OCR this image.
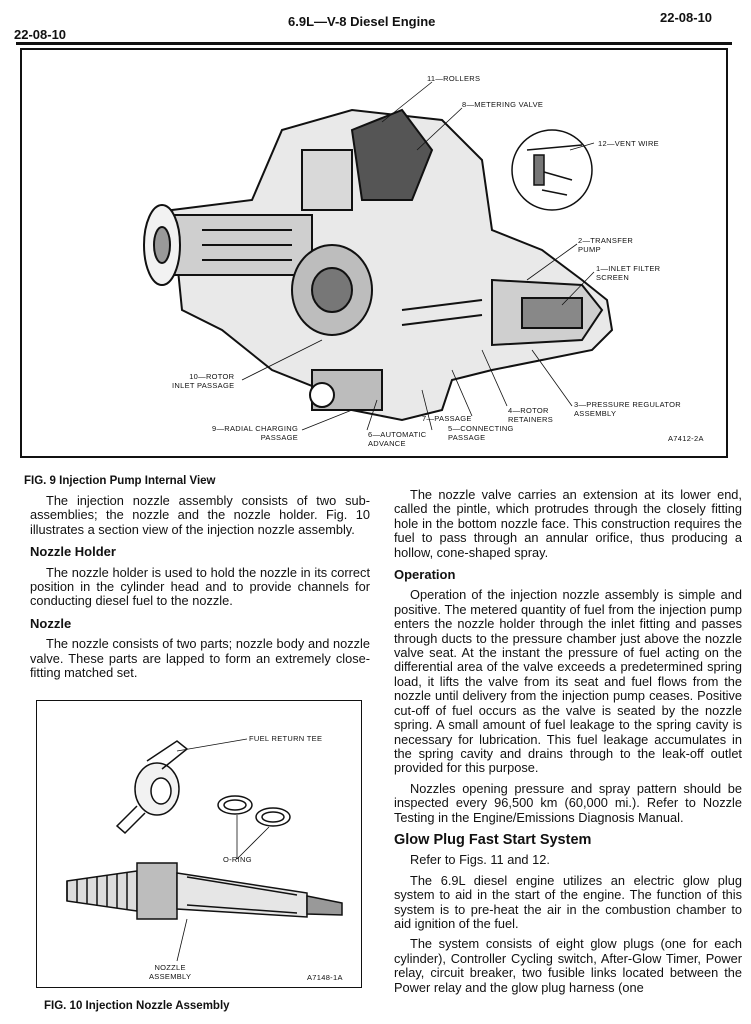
22-08-10
6.9L—V-8 Diesel Engine	22-08-10
11—ROLLERS
8—METERING VALVE
12—VENT WIRE
2—TRANSFER
PUMP
1—INLET FILTER
SCREEN
10—ROTOR
INLET PASSAGE
3—PRESSURE REGULATOR
ASSEMBLY
4—ROTOR
RETAINERS
7—PASSAGE
9—RADIAL CHARGING
PASSAGE	6—AUTOMATIC
ADVANCE
5—CONNECTING
PASSAGE	A7412-2A
FIG. 9 Injection Pump Internal View

The injection nozzle assembly consists of two sub-assemblies; the nozzle and the nozzle holder. Fig. 10 illustrates a section view of the injection nozzle assembly.

Nozzle Holder

The nozzle holder is used to hold the nozzle in its correct position in the cylinder head and to provide channels for conducting diesel fuel to the nozzle.

Nozzle

The nozzle consists of two parts; nozzle body and nozzle valve. These parts are lapped to form an extremely close-fitting matched set.

FUEL RETURN TEE
O-RING
NOZZLE
ASSEMBLY	A7148-1A
FIG. 10 Injection Nozzle Assembly

The nozzle valve carries an extension at its lower end, called the pintle, which protrudes through the closely fitting hole in the bottom nozzle face. This construction requires the fuel to pass through an annular orifice, thus producing a hollow, cone-shaped spray.

Operation

Operation of the injection nozzle assembly is simple and positive. The metered quantity of fuel from the injection pump enters the nozzle holder through the inlet fitting and passes through ducts to the pressure chamber just above the nozzle valve seat. At the instant the pressure of fuel acting on the differential area of the valve exceeds a predetermined spring load, it lifts the valve from its seat and fuel flows from the nozzle until delivery from the injection pump ceases. Positive cut-off of fuel occurs as the valve is seated by the nozzle spring. A small amount of fuel leakage to the spring cavity is necessary for lubrication. This fuel leakage accumulates in the spring cavity and drains through to the leak-off outlet provided for this purpose.

Nozzles opening pressure and spray pattern should be inspected every 96,500 km (60,000 mi.). Refer to Nozzle Testing in the Engine/Emissions Diagnosis Manual.

Glow Plug Fast Start System

Refer to Figs. 11 and 12.

The 6.9L diesel engine utilizes an electric glow plug system to aid in the start of the engine. The function of this system is to pre-heat the air in the combustion chamber to aid ignition of the fuel.

The system consists of eight glow plugs (one for each cylinder), Controller Cycling switch, After-Glow Timer, Power relay, circuit breaker, two fusible links located between the Power relay and the glow plug harness (one
